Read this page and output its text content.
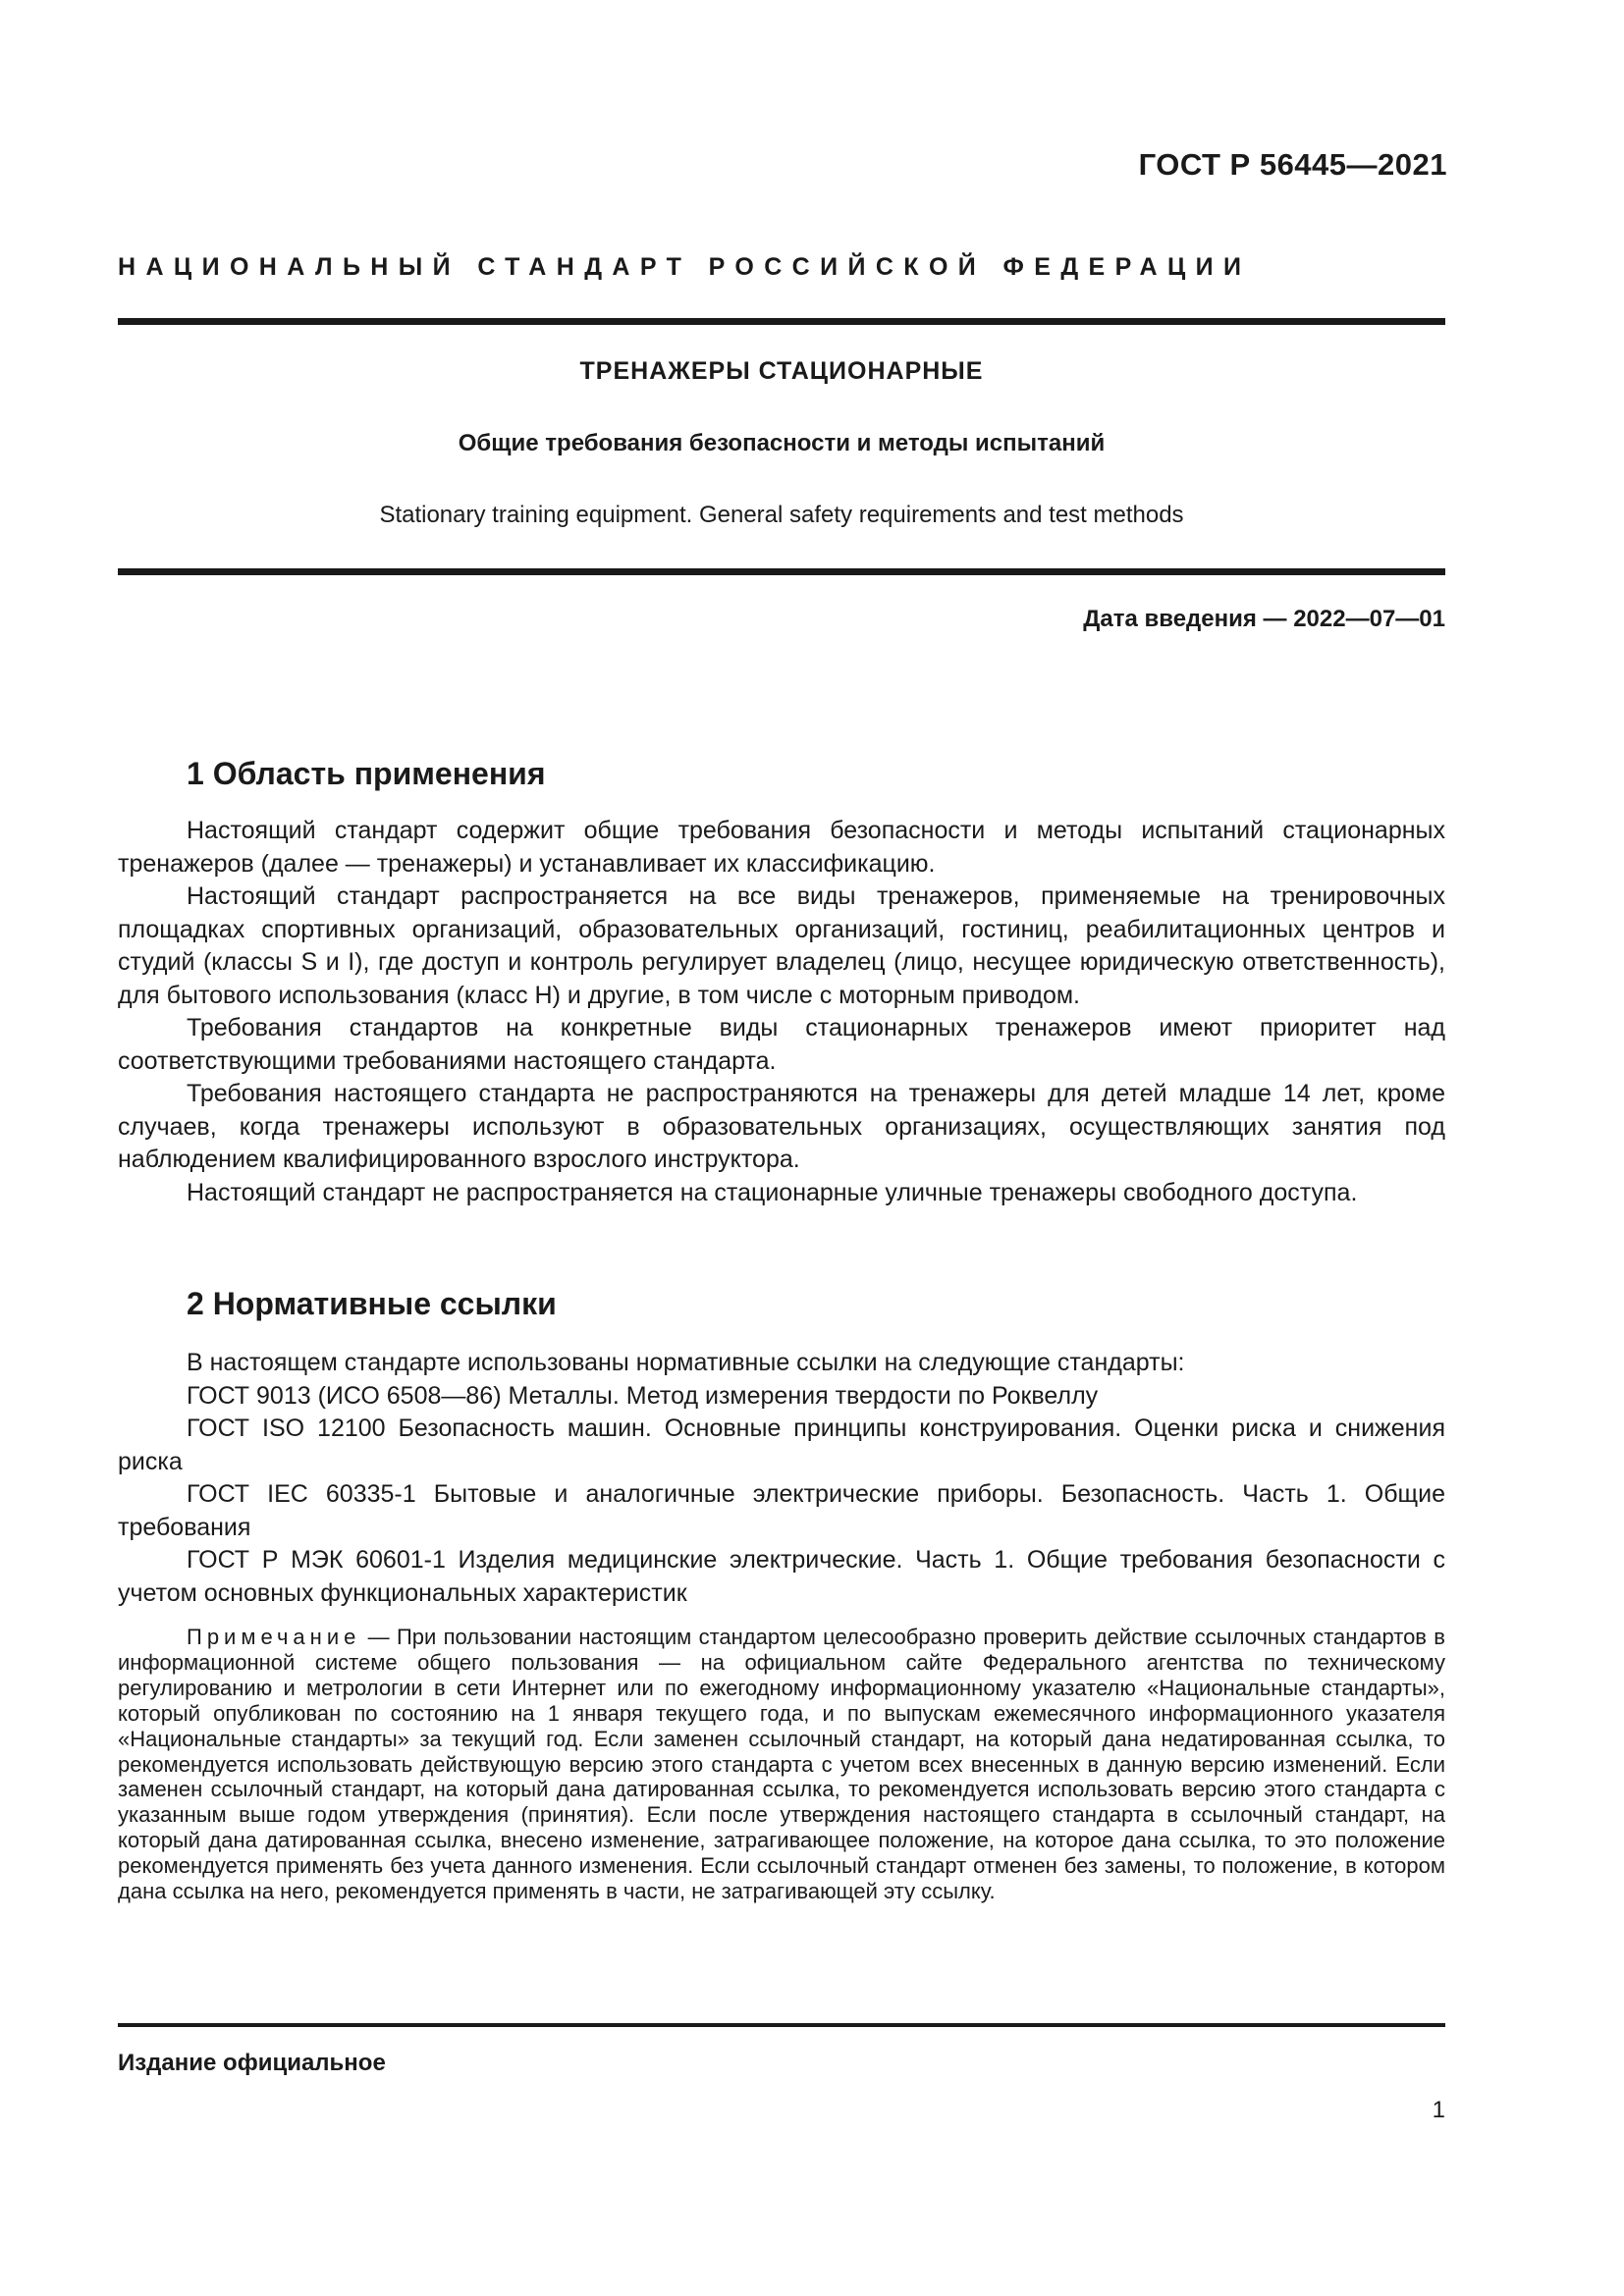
ГОСТ Р 56445—2021
НАЦИОНАЛЬНЫЙ СТАНДАРТ РОССИЙСКОЙ ФЕДЕРАЦИИ
ТРЕНАЖЕРЫ СТАЦИОНАРНЫЕ
Общие требования безопасности и методы испытаний
Stationary training equipment. General safety requirements and test methods
Дата введения — 2022—07—01
1 Область применения

Настоящий стандарт содержит общие требования безопасности и методы испытаний стационарных тренажеров (далее — тренажеры) и устанавливает их классификацию.

Настоящий стандарт распространяется на все виды тренажеров, применяемые на тренировочных площадках спортивных организаций, образовательных организаций, гостиниц, реабилитационных центров и студий (классы S и I), где доступ и контроль регулирует владелец (лицо, несущее юридическую ответственность), для бытового использования (класс H) и другие, в том числе с моторным приводом.

Требования стандартов на конкретные виды стационарных тренажеров имеют приоритет над соответствующими требованиями настоящего стандарта.

Требования настоящего стандарта не распространяются на тренажеры для детей младше 14 лет, кроме случаев, когда тренажеры используют в образовательных организациях, осуществляющих занятия под наблюдением квалифицированного взрослого инструктора.

Настоящий стандарт не распространяется на стационарные уличные тренажеры свободного доступа.

2 Нормативные ссылки

В настоящем стандарте использованы нормативные ссылки на следующие стандарты:

ГОСТ 9013 (ИСО 6508—86) Металлы. Метод измерения твердости по Роквеллу

ГОСТ ISO 12100 Безопасность машин. Основные принципы конструирования. Оценки риска и снижения риска

ГОСТ IEC 60335-1 Бытовые и аналогичные электрические приборы. Безопасность. Часть 1. Общие требования

ГОСТ Р МЭК 60601-1 Изделия медицинские электрические. Часть 1. Общие требования безопасности с учетом основных функциональных характеристик

Примечание — При пользовании настоящим стандартом целесообразно проверить действие ссылочных стандартов в информационной системе общего пользования — на официальном сайте Федерального агентства по техническому регулированию и метрологии в сети Интернет или по ежегодному информационному указателю «Национальные стандарты», который опубликован по состоянию на 1 января текущего года, и по выпускам ежемесячного информационного указателя «Национальные стандарты» за текущий год. Если заменен ссылочный стандарт, на который дана недатированная ссылка, то рекомендуется использовать действующую версию этого стандарта с учетом всех внесенных в данную версию изменений. Если заменен ссылочный стандарт, на который дана датированная ссылка, то рекомендуется использовать версию этого стандарта с указанным выше годом утверждения (принятия). Если после утверждения настоящего стандарта в ссылочный стандарт, на который дана датированная ссылка, внесено изменение, затрагивающее положение, на которое дана ссылка, то это положение рекомендуется применять без учета данного изменения. Если ссылочный стандарт отменен без замены, то положение, в котором дана ссылка на него, рекомендуется применять в части, не затрагивающей эту ссылку.

Издание официальное
1
